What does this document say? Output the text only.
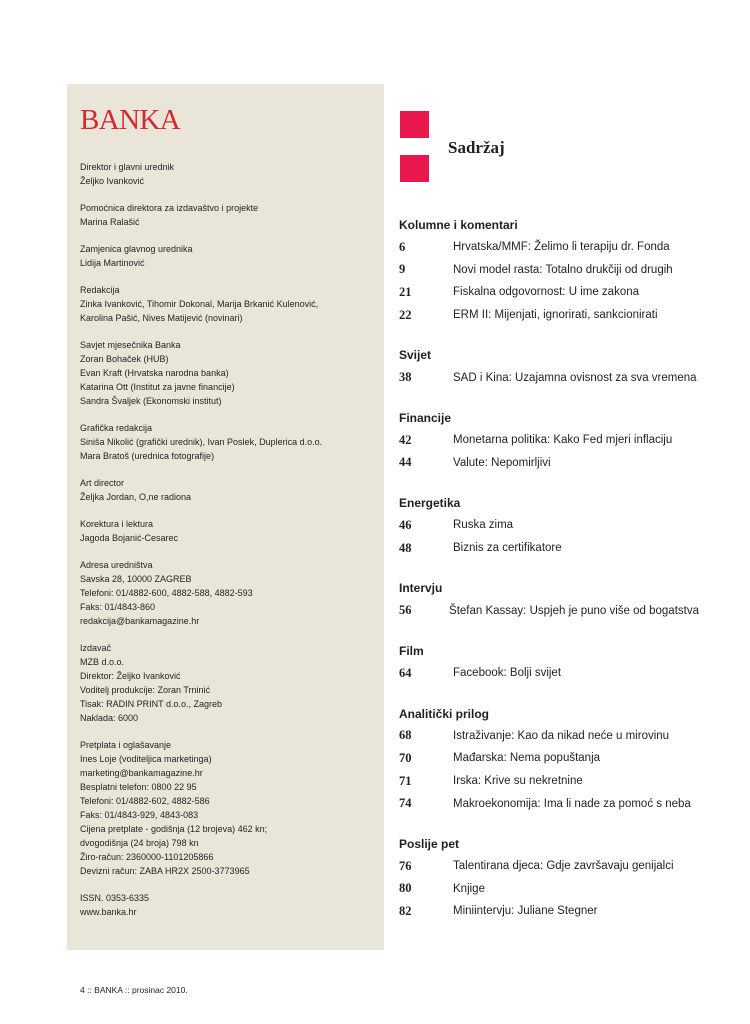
BANKA
Direktor i glavni urednik
Željko Ivanković
Pomoćnica direktora za izdavaštvo i projekte
Marina Ralašić
Zamjenica glavnog urednika
Lidija Martinović
Redakcija
Zinka Ivanković, Tihomir Dokonal, Marija Brkanić Kulenović,
Karolina Pašić, Nives Matijević (novinari)
Savjet mjesečnika Banka
Zoran Bohaček (HUB)
Evan Kraft (Hrvatska narodna banka)
Katarina Ott (Institut za javne financije)
Sandra Švaljek (Ekonomski institut)
Grafička redakcija
Siniša Nikolić (grafički urednik), Ivan Poslek, Duplerica d.o.o.
Mara Bratoš (urednica fotografije)
Art director
Željka Jordan, O,ne radiona
Korektura i lektura
Jagoda Bojanić-Cesarec
Adresa uredništva
Savska 28, 10000 ZAGREB
Telefoni: 01/4882-600, 4882-588, 4882-593
Faks: 01/4843-860
redakcija@bankamagazine.hr
Izdavač
MZB d.o.o.
Direktor: Željko Ivanković
Voditelj produkcije: Zoran Trninić
Tisak: RADIN PRINT d.o.o., Zagreb
Naklada: 6000
Pretplata i oglašavanje
Ines Loje (voditeljica marketinga)
marketing@bankamagazine.hr
Besplatni telefon: 0800 22 95
Telefoni: 01/4882-602, 4882-586
Faks: 01/4843-929, 4843-083
Cijena pretplate - godišnja (12 brojeva) 462 kn;
dvogodišnja (24 broja) 798 kn
Žiro-račun: 2360000-1101205866
Devizni račun: ZABA HR2X 2500-3773965
ISSN. 0353-6335
www.banka.hr
Sadržaj
Kolumne i komentari
6	Hrvatska/MMF: Želimo li terapiju dr. Fonda
9	Novi model rasta: Totalno drukčiji od drugih
21	Fiskalna odgovornost: U ime zakona
22	ERM II: Mijenjati, ignorirati, sankcionirati
Svijet
38	SAD i Kina: Uzajamna ovisnost za sva vremena
Financije
42	Monetarna politika: Kako Fed mjeri inflaciju
44	Valute: Nepomirljivi
Energetika
46	Ruska zima
48	Biznis za certifikatore
Intervju
56	Štefan Kassay: Uspjeh je puno više od bogatstva
Film
64	Facebook: Bolji svijet
Analitički prilog
68	Istraživanje: Kao da nikad neće u mirovinu
70	Mađarska: Nema popuštanja
71	Irska: Krive su nekretnine
74	Makroekonomija: Ima li nade za pomoć s neba
Poslije pet
76	Talentirana djeca: Gdje završavaju genijalci
80	Knjige
82	Miniintervju: Juliane Stegner
4 :: BANKA :: prosinac 2010.
